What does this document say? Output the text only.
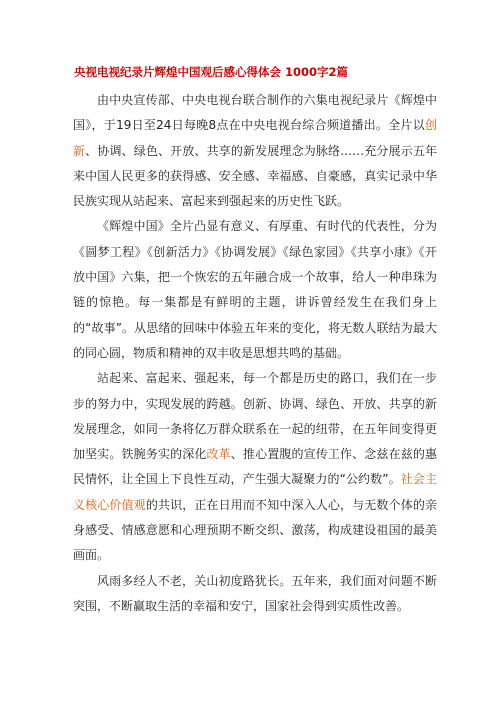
央视电视纪录片辉煌中国观后感心得体会 1000字2篇

由中央宣传部、中央电视台联合制作的六集电视纪录片《辉煌中国》，于19日至24日每晚8点在中央电视台综合频道播出。全片以创新、协调、绿色、开放、共享的新发展理念为脉络……充分展示五年来中国人民更多的获得感、安全感、幸福感、自豪感，真实记录中华民族实现从站起来、富起来到强起来的历史性飞跃。

《辉煌中国》全片凸显有意义、有厚重、有时代的代表性，分为《圆梦工程》《创新活力》《协调发展》《绿色家园》《共享小康》《开放中国》六集，把一个恢宏的五年融合成一个故事，给人一种串珠为链的惊艳。每一集都是有鲜明的主题，讲诉曾经发生在我们身上的“故事”。从思绪的回味中体验五年来的变化，将无数人联结为最大的同心圆，物质和精神的双丰收是思想共鸣的基础。

站起来、富起来、强起来，每一个都是历史的路口，我们在一步步的努力中，实现发展的跨越。创新、协调、绿色、开放、共享的新发展理念，如同一条将亿万群众联系在一起的纽带，在五年间变得更加坚实。铁腕务实的深化改革、推心置腹的宣传工作、念兹在兹的惠民情怀，让全国上下良性互动，产生强大凝聚力的“公约数”。社会主义核心价值观的共识，正在日用而不知中深入人心，与无数个体的亲身感受、情感意愿和心理预期不断交织、激荡，构成建设祖国的最美画面。

风雨多经人不老，关山初度路犹长。五年来，我们面对问题不断突围，不断赢取生活的幸福和安宁，国家社会得到实质性改善。
